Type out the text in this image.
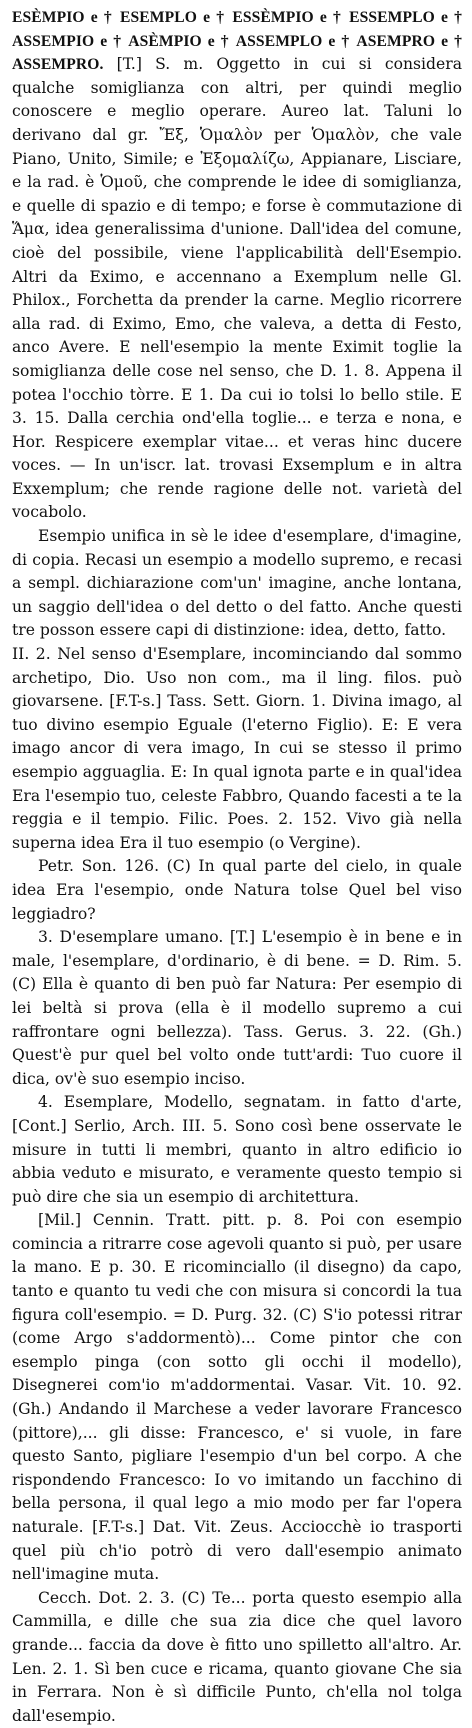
ESÈMPIO e † ESEMPLO e † ESSÈMPIO e † ESSEMPLO e † ASSEMPIO e † ASÈMPIO e † ASSEMPLO e † ASEMPRO e † ASSEMPRO. [T.] S. m. Oggetto in cui si considera qualche somiglianza con altri, per quindi meglio conoscere e meglio operare. Aureo lat. Taluni lo derivano dal gr. Ἔξ, Ὁμαλὸν per Ὁμαλὸν, che vale Piano, Unito, Simile; e Ἐξομαλίζω, Appianare, Lisciare, e la rad. è Ὁμοῦ, che comprende le idee di somiglianza, e quelle di spazio e di tempo; e forse è commutazione di Ἅμα, idea generalissima d'unione. Dall'idea del comune, cioè del possibile, viene l'applicabilità dell'Esempio. Altri da Eximo, e accennano a Exemplum nelle Gl. Philox., Forchetta da prender la carne. Meglio ricorrere alla rad. di Eximo, Emo, che valeva, a detta di Festo, anco Avere. E nell'esempio la mente Eximit toglie la somiglianza delle cose nel senso, che D. 1. 8. Appena il potea l'occhio tòrre. E 1. Da cui io tolsi lo bello stile. E 3. 15. Dalla cerchia ond'ella toglie... e terza e nona, e Hor. Respicere exemplar vitae... et veras hinc ducere voces. — In un'iscr. lat. trovasi Exsemplum e in altra Exxemplum; che rende ragione delle not. varietà del vocabolo.

Esempio unifica in sè le idee d'esemplare, d'imagine, di copia. Recasi un esempio a modello supremo, e recasi a sempl. dichiarazione com'un' imagine, anche lontana, un saggio dell'idea o del detto o del fatto. Anche questi tre posson essere capi di distinzione: idea, detto, fatto.

II. 2. Nel senso d'Esemplare, incominciando dal sommo archetipo, Dio. Uso non com., ma il ling. filos. può giovarsene. [F.T-s.] Tass. Sett. Giorn. 1. Divina imago, al tuo divino esempio Eguale (l'eterno Figlio). E: E vera imago ancor di vera imago, In cui se stesso il primo esempio agguaglia. E: In qual ignota parte e in qual'idea Era l'esempio tuo, celeste Fabbro, Quando facesti a te la reggia e il tempio. Filic. Poes. 2. 152. Vivo già nella superna idea Era il tuo esempio (o Vergine).

Petr. Son. 126. (C) In qual parte del cielo, in quale idea Era l'esempio, onde Natura tolse Quel bel viso leggiadro?

3. D'esemplare umano. [T.] L'esempio è in bene e in male, l'esemplare, d'ordinario, è di bene. = D. Rim. 5. (C) Ella è quanto di ben può far Natura: Per esempio di lei beltà si prova (ella è il modello supremo a cui raffrontare ogni bellezza). Tass. Gerus. 3. 22. (Gh.) Quest'è pur quel bel volto onde tutt'ardi: Tuo cuore il dica, ov'è suo esempio inciso.

4. Esemplare, Modello, segnatam. in fatto d'arte, [Cont.] Serlio, Arch. III. 5. Sono così bene osservate le misure in tutti li membri, quanto in altro edificio io abbia veduto e misurato, e veramente questo tempio si può dire che sia un esempio di architettura.

[Mil.] Cennin. Tratt. pitt. p. 8. Poi con esempio comincia a ritrarre cose agevoli quanto si può, per usare la mano. E p. 30. E ricominciallo (il disegno) da capo, tanto e quanto tu vedi che con misura si concordi la tua figura coll'esempio. = D. Purg. 32. (C) S'io potessi ritrar (come Argo s'addormentò)... Come pintor che con esemplo pinga (con sotto gli occhi il modello), Disegnerei com'io m'addormentai. Vasar. Vit. 10. 92. (Gh.) Andando il Marchese a veder lavorare Francesco (pittore),... gli disse: Francesco, e' si vuole, in fare questo Santo, pigliare l'esempio d'un bel corpo. A che rispondendo Francesco: Io vo imitando un facchino di bella persona, il qual lego a mio modo per far l'opera naturale. [F.T-s.] Dat. Vit. Zeus. Acciocchè io trasporti quel più ch'io potrò di vero dall'esempio animato nell'imagine muta.

Cecch. Dot. 2. 3. (C) Te... porta questo esempio alla Cammilla, e dille che sua zia dice che quel lavoro grande... faccia da dove è fitto uno spilletto all'altro. Ar. Len. 2. 1. Sì ben cuce e ricama, quanto giovane Che sia in Ferrara. Non è sì difficile Punto, ch'ella nol tolga dall'esempio.
